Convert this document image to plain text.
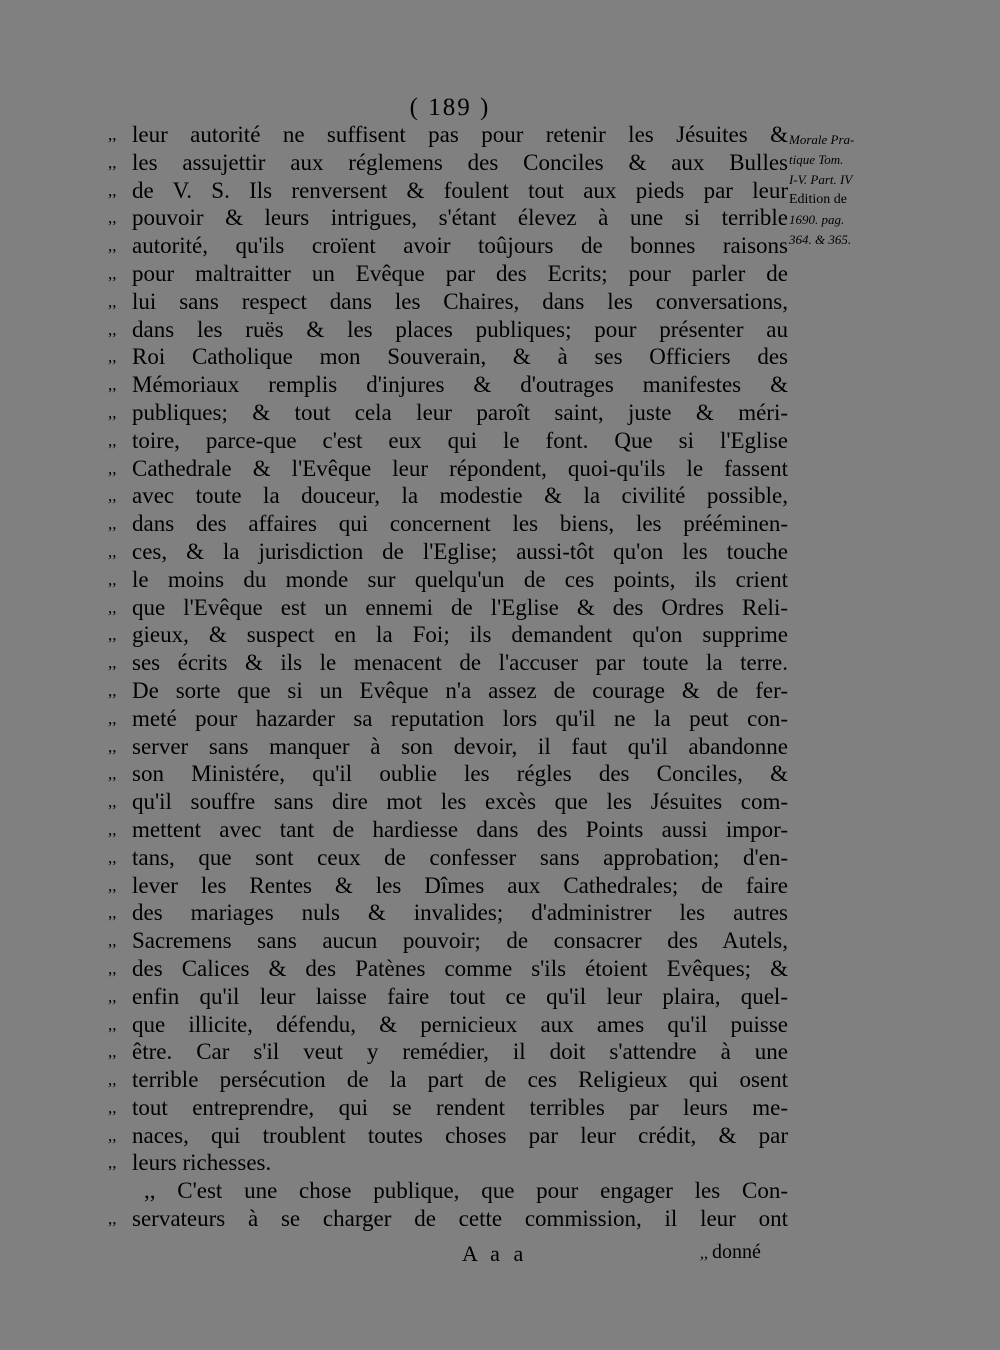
( 189 )
,, leur autorité ne suffisent pas pour retenir les Jésuites &
,, les assujettir aux réglemens des Conciles & aux Bulles
,, de V. S. Ils renversent & foulent tout aux pieds par leur
,, pouvoir & leurs intrigues, s'étant élevez à une si terrible
,, autorité, qu'ils croïent avoir toûjours de bonnes raisons
,, pour maltraitter un Evêque par des Ecrits; pour parler de
,, lui sans respect dans les Chaires, dans les conversations,
,, dans les ruës & les places publiques; pour présenter au
,, Roi Catholique mon Souverain, & à ses Officiers des
,, Mémoriaux remplis d'injures & d'outrages manifestes &
,, publiques; & tout cela leur paroît saint, juste & méri-
,, toire, parce-que c'est eux qui le font. Que si l'Eglise
,, Cathedrale & l'Evêque leur répondent, quoi-qu'ils le fassent
,, avec toute la douceur, la modestie & la civilité possible,
,, dans des affaires qui concernent les biens, les prééminen-
,, ces, & la jurisdiction de l'Eglise; aussi-tôt qu'on les touche
,, le moins du monde sur quelqu'un de ces points, ils crient
,, que l'Evêque est un ennemi de l'Eglise & des Ordres Reli-
,, gieux, & suspect en la Foi; ils demandent qu'on supprime
,, ses écrits & ils le menacent de l'accuser par toute la terre.
,, De sorte que si un Evêque n'a assez de courage & de fer-
,, meté pour hazarder sa reputation lors qu'il ne la peut con-
,, server sans manquer à son devoir, il faut qu'il abandonne
,, son Ministére, qu'il oublie les régles des Conciles, &
,, qu'il souffre sans dire mot les excès que les Jésuites com-
,, mettent avec tant de hardiesse dans des Points aussi impor-
,, tans, que sont ceux de confesser sans approbation; d'en-
,, lever les Rentes & les Dîmes aux Cathedrales; de faire
,, des mariages nuls & invalides; d'administrer les autres
,, Sacremens sans aucun pouvoir; de consacrer des Autels,
,, des Calices & des Patènes comme s'ils étoient Evêques; &
,, enfin qu'il leur laisse faire tout ce qu'il leur plaira, quel-
,, que illicite, défendu, & pernicieux aux ames qu'il puisse
,, être. Car s'il veut y remédier, il doit s'attendre à une
,, terrible persécution de la part de ces Religieux qui osent
,, tout entreprendre, qui se rendent terribles par leurs me-
,, naces, qui troublent toutes choses par leur crédit, & par
,, leurs richesses.
,, C'est une chose publique, que pour engager les Con-
,, servateurs à se charger de cette commission, il leur ont
Morale Pra-
tique Tom.
I-V. Part. IV
Edition de
1690. pag.
364. & 365.
A a a	,, donné
